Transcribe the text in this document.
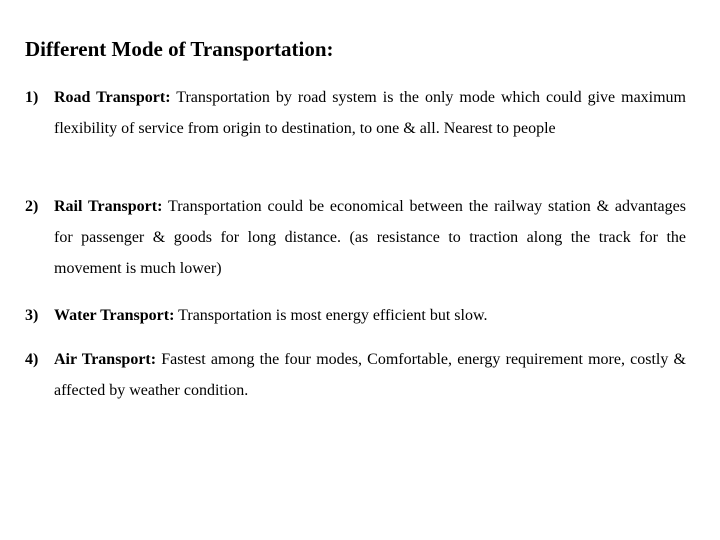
Different Mode of Transportation:
1) Road Transport: Transportation by road system is the only mode which could give maximum flexibility of service from origin to destination, to one & all. Nearest to people
2) Rail Transport: Transportation could be economical between the railway station & advantages for passenger & goods for long distance. (as resistance to traction along the track for the movement is much lower)
3) Water Transport: Transportation is most energy efficient but slow.
4) Air Transport: Fastest among the four modes, Comfortable, energy requirement more, costly & affected by weather condition.
